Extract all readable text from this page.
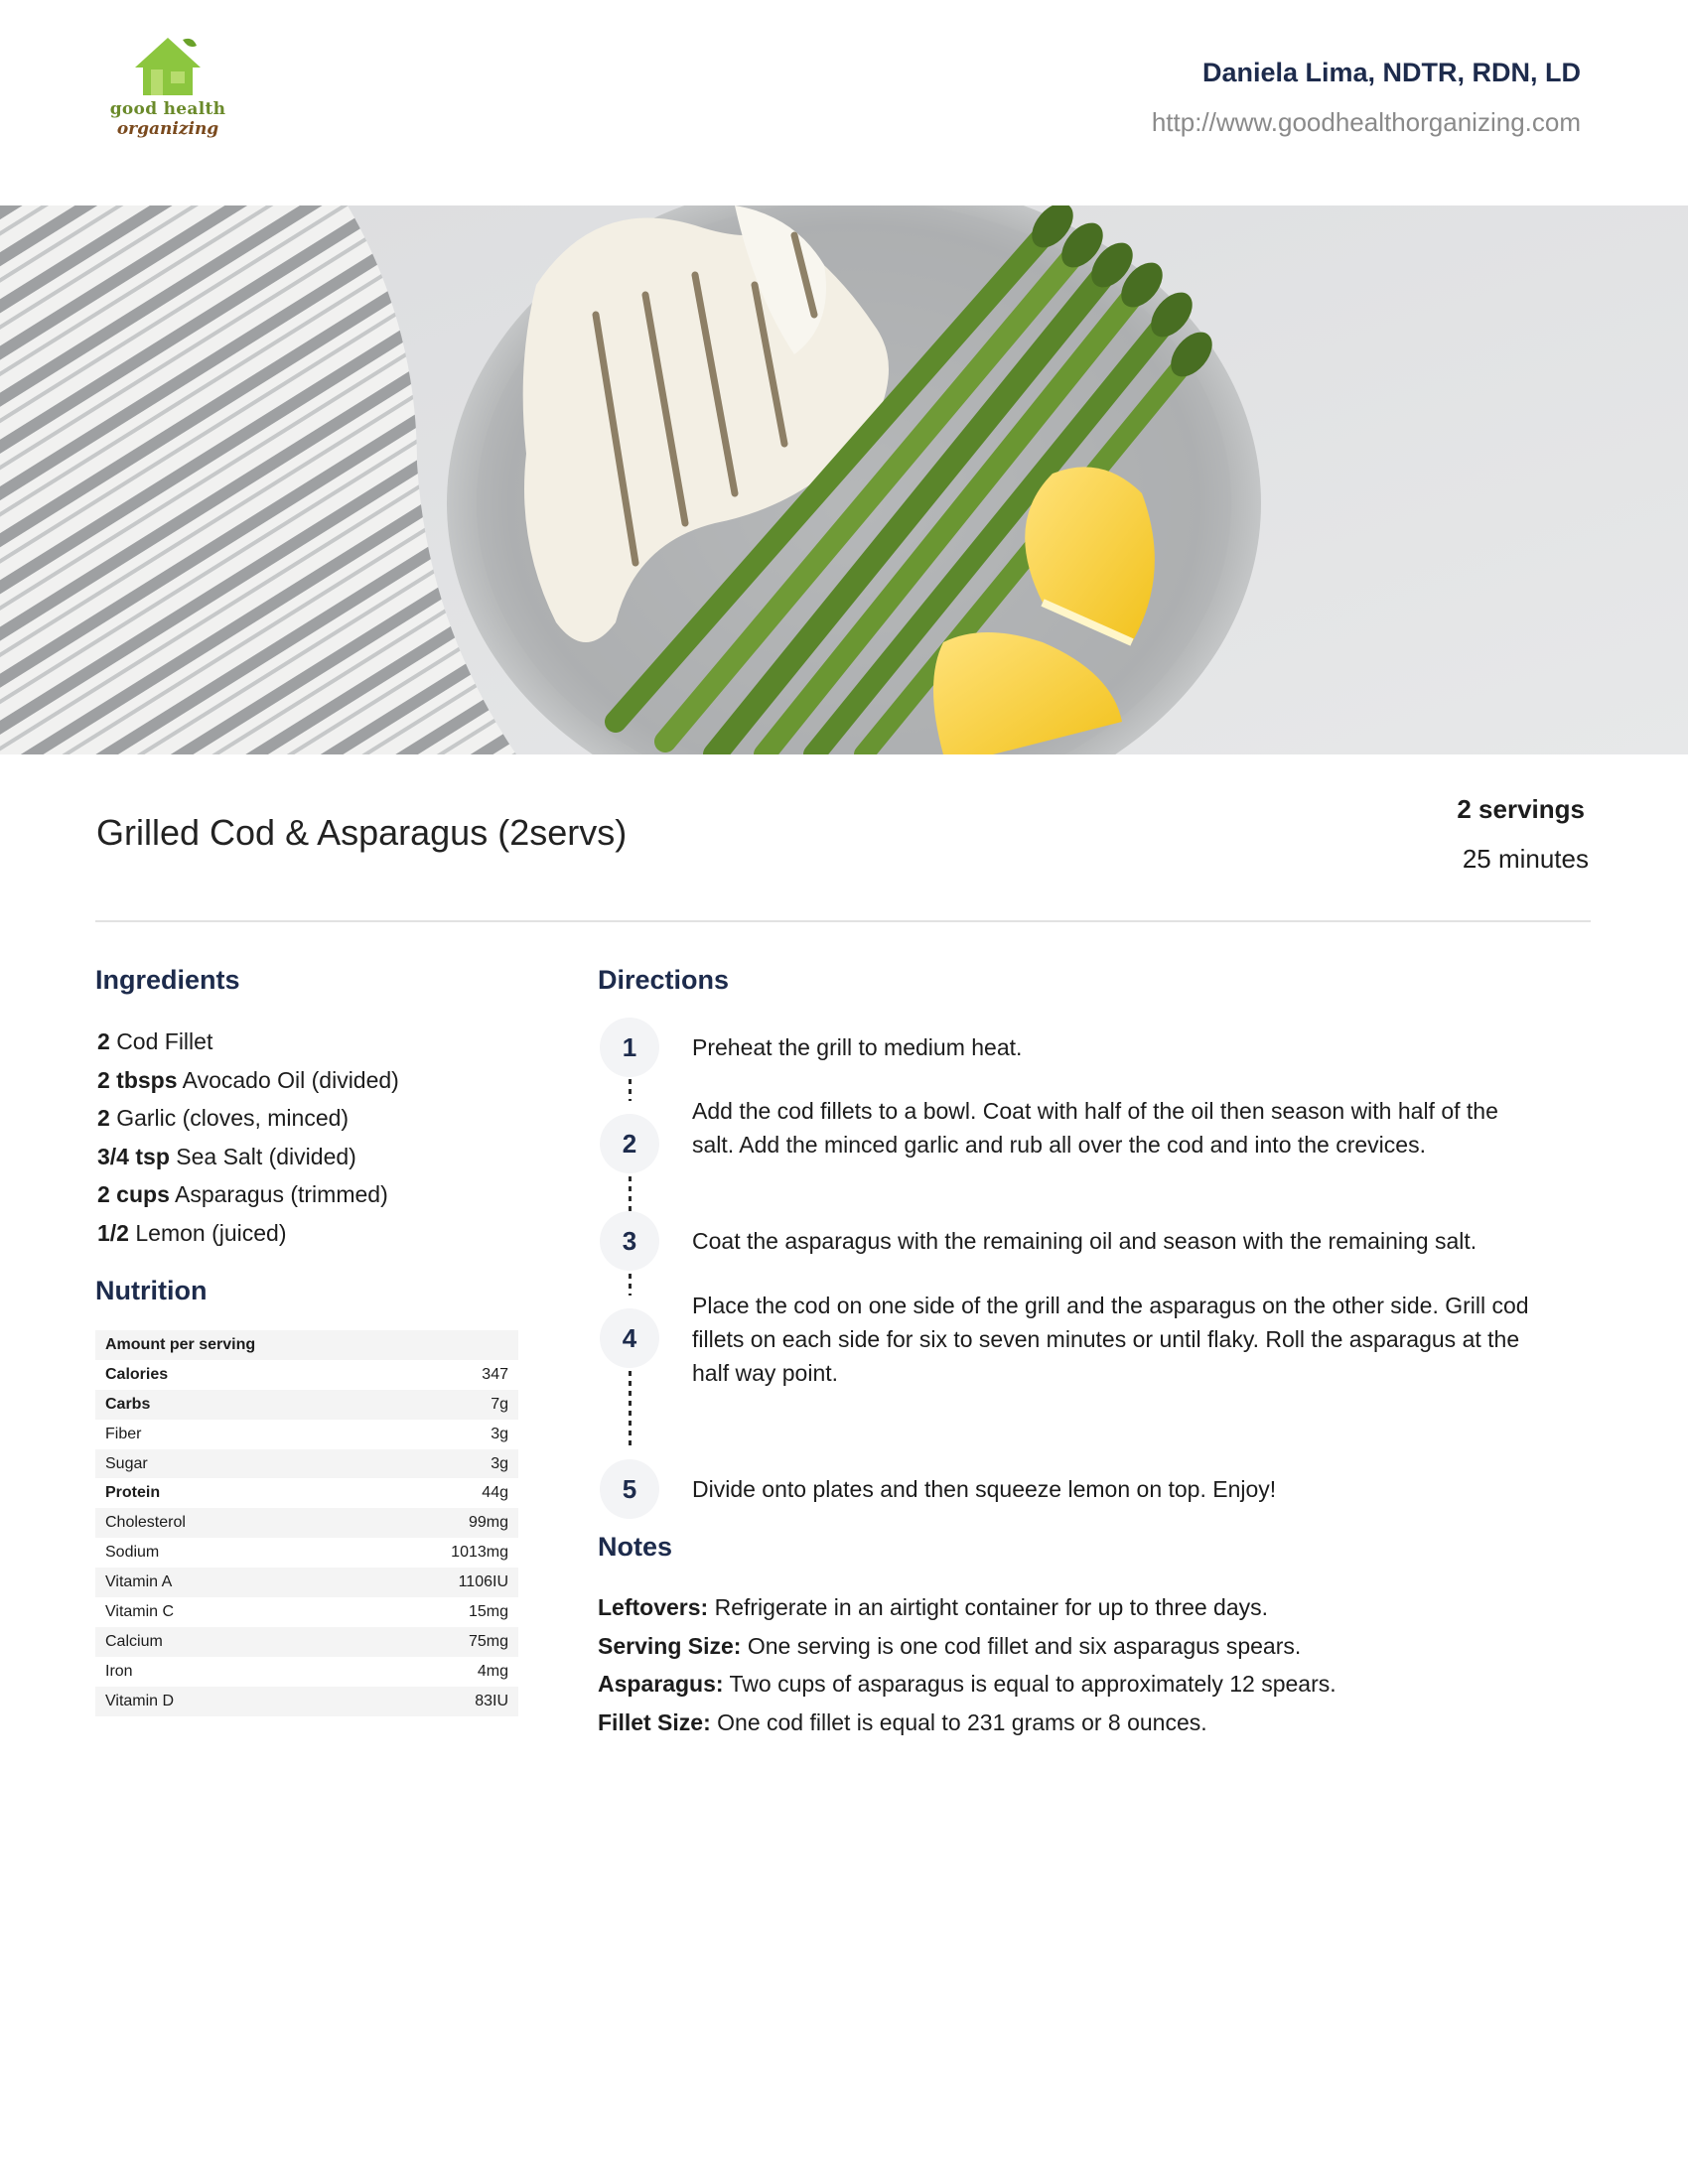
good health
organizing
Daniela Lima, NDTR, RDN, LD
http://www.goodhealthorganizing.com
Grilled Cod & Asparagus (2servs)
2 servings
25 minutes
Ingredients
2 Cod Fillet
2 tbsps Avocado Oil (divided)
2 Garlic (cloves, minced)
3/4 tsp Sea Salt (divided)
2 cups Asparagus (trimmed)
1/2 Lemon (juiced)
Nutrition
Amount per serving
Calories	347
Carbs	7g
Fiber	3g
Sugar	3g
Protein	44g
Cholesterol	99mg
Sodium	1013mg
Vitamin A	1106IU
Vitamin C	15mg
Calcium	75mg
Iron	4mg
Vitamin D	83IU
Directions
1	Preheat the grill to medium heat.
2
Add the cod fillets to a bowl. Coat with half of the oil then season with half of the salt. Add the minced garlic and rub all over the cod and into the crevices.
3	Coat the asparagus with the remaining oil and season with the remaining salt.
4
Place the cod on one side of the grill and the asparagus on the other side. Grill cod fillets on each side for six to seven minutes or until flaky. Roll the asparagus at the half way point.
5	Divide onto plates and then squeeze lemon on top. Enjoy!
Notes
Leftovers: Refrigerate in an airtight container for up to three days.
Serving Size: One serving is one cod fillet and six asparagus spears.
Asparagus: Two cups of asparagus is equal to approximately 12 spears.
Fillet Size: One cod fillet is equal to 231 grams or 8 ounces.
